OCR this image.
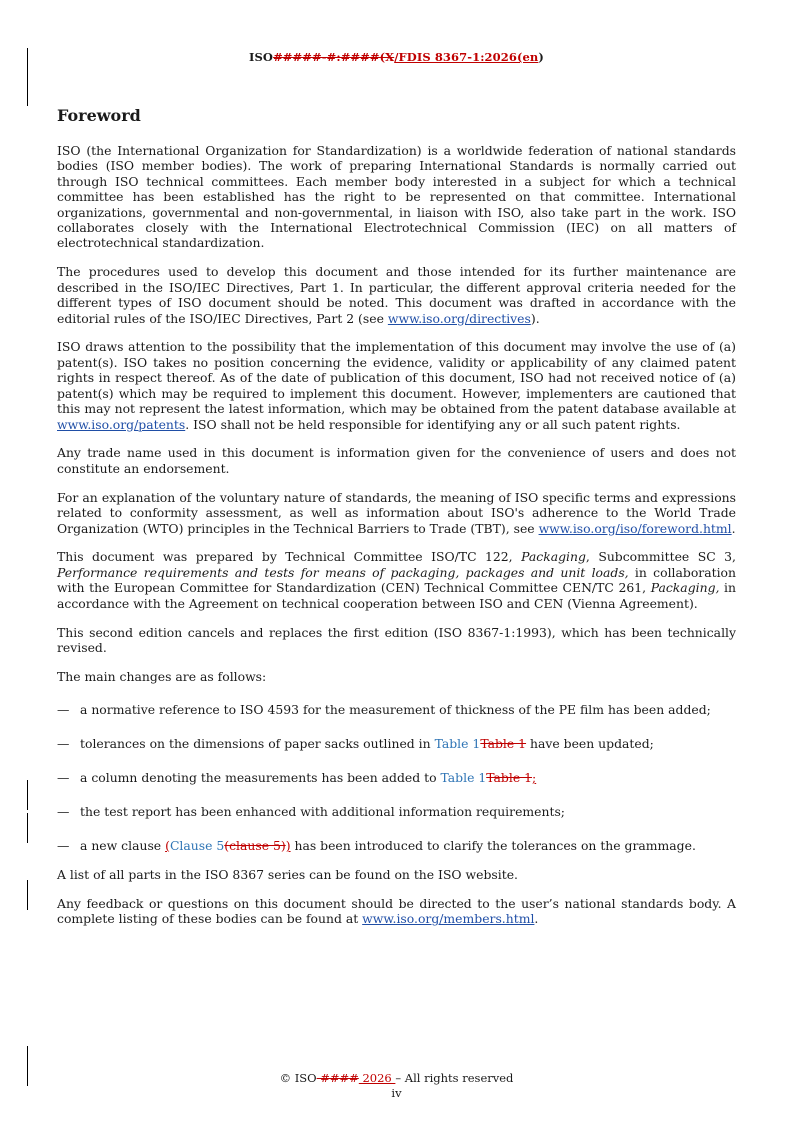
ISO#####-#:####(X/FDIS 8367-1:2026(en)
Foreword

ISO (the International Organization for Standardization) is a worldwide federation of national standards bodies (ISO member bodies). The work of preparing International Standards is normally carried out through ISO technical committees. Each member body interested in a subject for which a technical committee has been established has the right to be represented on that committee. International organizations, governmental and non-governmental, in liaison with ISO, also take part in the work. ISO collaborates closely with the International Electrotechnical Commission (IEC) on all matters of electrotechnical standardization.

The procedures used to develop this document and those intended for its further maintenance are described in the ISO/IEC Directives, Part 1. In particular, the different approval criteria needed for the different types of ISO document should be noted. This document was drafted in accordance with the editorial rules of the ISO/IEC Directives, Part 2 (see www.iso.org/directives).

ISO draws attention to the possibility that the implementation of this document may involve the use of (a) patent(s). ISO takes no position concerning the evidence, validity or applicability of any claimed patent rights in respect thereof. As of the date of publication of this document, ISO had not received notice of (a) patent(s) which may be required to implement this document. However, implementers are cautioned that this may not represent the latest information, which may be obtained from the patent database available at www.iso.org/patents. ISO shall not be held responsible for identifying any or all such patent rights.

Any trade name used in this document is information given for the convenience of users and does not constitute an endorsement.

For an explanation of the voluntary nature of standards, the meaning of ISO specific terms and expressions related to conformity assessment, as well as information about ISO's adherence to the World Trade Organization (WTO) principles in the Technical Barriers to Trade (TBT), see www.iso.org/iso/foreword.html.

This document was prepared by Technical Committee ISO/TC 122, Packaging, Subcommittee SC 3, Performance requirements and tests for means of packaging, packages and unit loads, in collaboration with the European Committee for Standardization (CEN) Technical Committee CEN/TC 261, Packaging, in accordance with the Agreement on technical cooperation between ISO and CEN (Vienna Agreement).

This second edition cancels and replaces the first edition (ISO 8367-1:1993), which has been technically revised.

The main changes are as follows:

— a normative reference to ISO 4593 for the measurement of thickness of the PE film has been added;
— tolerances on the dimensions of paper sacks outlined in Table 1Table 1 have been updated;
— a column denoting the measurements has been added to Table 1Table 1;
— the test report has been enhanced with additional information requirements;
— a new clause (Clause 5(clause 5)) has been introduced to clarify the tolerances on the grammage.

A list of all parts in the ISO 8367 series can be found on the ISO website.

Any feedback or questions on this document should be directed to the user’s national standards body. A complete listing of these bodies can be found at www.iso.org/members.html.

© ISO #### 2026 – All rights reserved
iv
